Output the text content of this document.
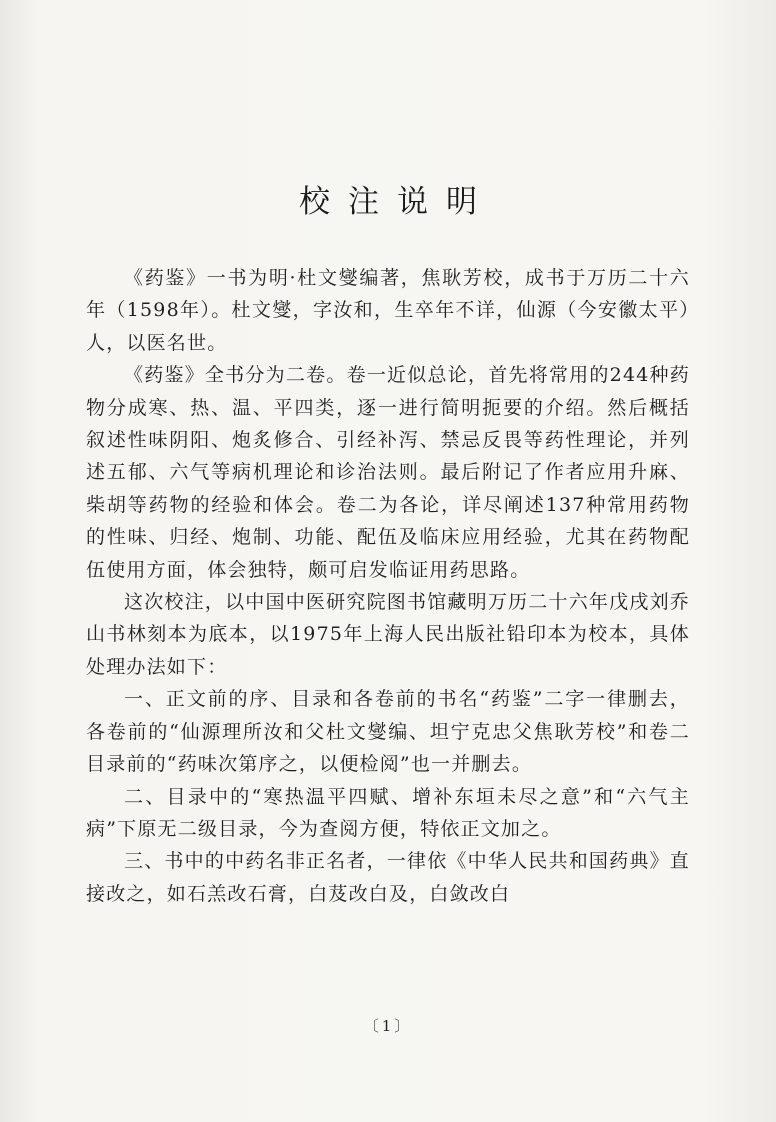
校注说明

《药鉴》一书为明·杜文燮编著，焦耿芳校，成书于万历二十六年（1598年）。杜文燮，字汝和，生卒年不详，仙源（今安徽太平）人，以医名世。

《药鉴》全书分为二卷。卷一近似总论，首先将常用的244种药物分成寒、热、温、平四类，逐一进行简明扼要的介绍。然后概括叙述性味阴阳、炮炙修合、引经补泻、禁忌反畏等药性理论，并列述五郁、六气等病机理论和诊治法则。最后附记了作者应用升麻、柴胡等药物的经验和体会。卷二为各论，详尽阐述137种常用药物的性味、归经、炮制、功能、配伍及临床应用经验，尤其在药物配伍使用方面，体会独特，颇可启发临证用药思路。

这次校注，以中国中医研究院图书馆藏明万历二十六年戊戌刘乔山书林刻本为底本，以1975年上海人民出版社铅印本为校本，具体处理办法如下：

一、正文前的序、目录和各卷前的书名“药鉴”二字一律删去，各卷前的“仙源理所汝和父杜文燮编、坦宁克忠父焦耿芳校”和卷二目录前的“药味次第序之，以便检阅”也一并删去。

二、目录中的“寒热温平四赋、增补东垣未尽之意”和“六气主病”下原无二级目录，今为查阅方便，特依正文加之。

三、书中的中药名非正名者，一律依《中华人民共和国药典》直接改之，如石羔改石膏，白芨改白及，白敛改白

〔1〕
